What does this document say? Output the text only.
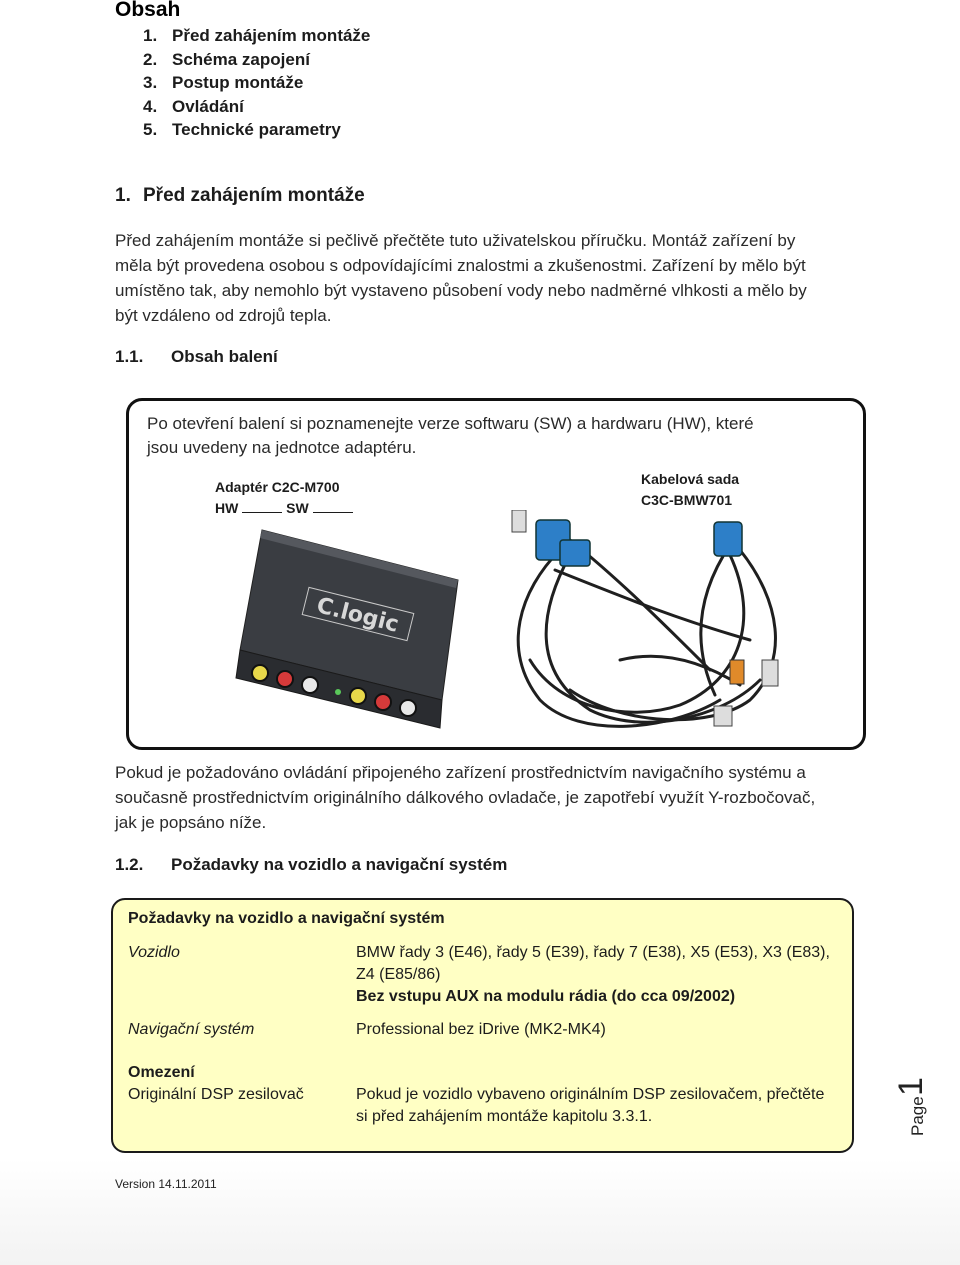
Obsah
1. Před zahájením montáže
2. Schéma zapojení
3. Postup montáže
4. Ovládání
5. Technické parametry
1. Před zahájením montáže
Před zahájením montáže si pečlivě přečtěte tuto uživatelskou příručku. Montáž zařízení by
měla být provedena osobou s odpovídajícími znalostmi a zkušenostmi. Zařízení by mělo být
umístěno tak, aby nemohlo být vystaveno působení vody nebo nadměrné vlhkosti a mělo by
být vzdáleno od zdrojů tepla.
1.1. Obsah balení
Po otevření balení si poznamenejte verze softwaru (SW) a hardwaru (HW), které
jsou uvedeny na jednotce adaptéru.
Adaptér C2C-M700
HW	SW
Kabelová sada
C3C-BMW701
C.logic
Pokud je požadováno ovládání připojeného zařízení prostřednictvím navigačního systému a
současně prostřednictvím originálního dálkového ovladače, je zapotřebí využít Y-rozbočovač,
jak je popsáno níže.
1.2. Požadavky na vozidlo a navigační systém
Požadavky na vozidlo a navigační systém
Vozidlo	BMW řady 3 (E46), řady 5 (E39), řady 7 (E38), X5 (E53), X3 (E83),
Z4 (E85/86)
Bez vstupu AUX na modulu rádia (do cca 09/2002)
Navigační systém	Professional bez iDrive (MK2-MK4)
Omezení
Originální DSP zesilovač	Pokud je vozidlo vybaveno originálním DSP zesilovačem, přečtěte
si před zahájením montáže kapitolu 3.3.1.	Page
1
Version 14.11.2011
